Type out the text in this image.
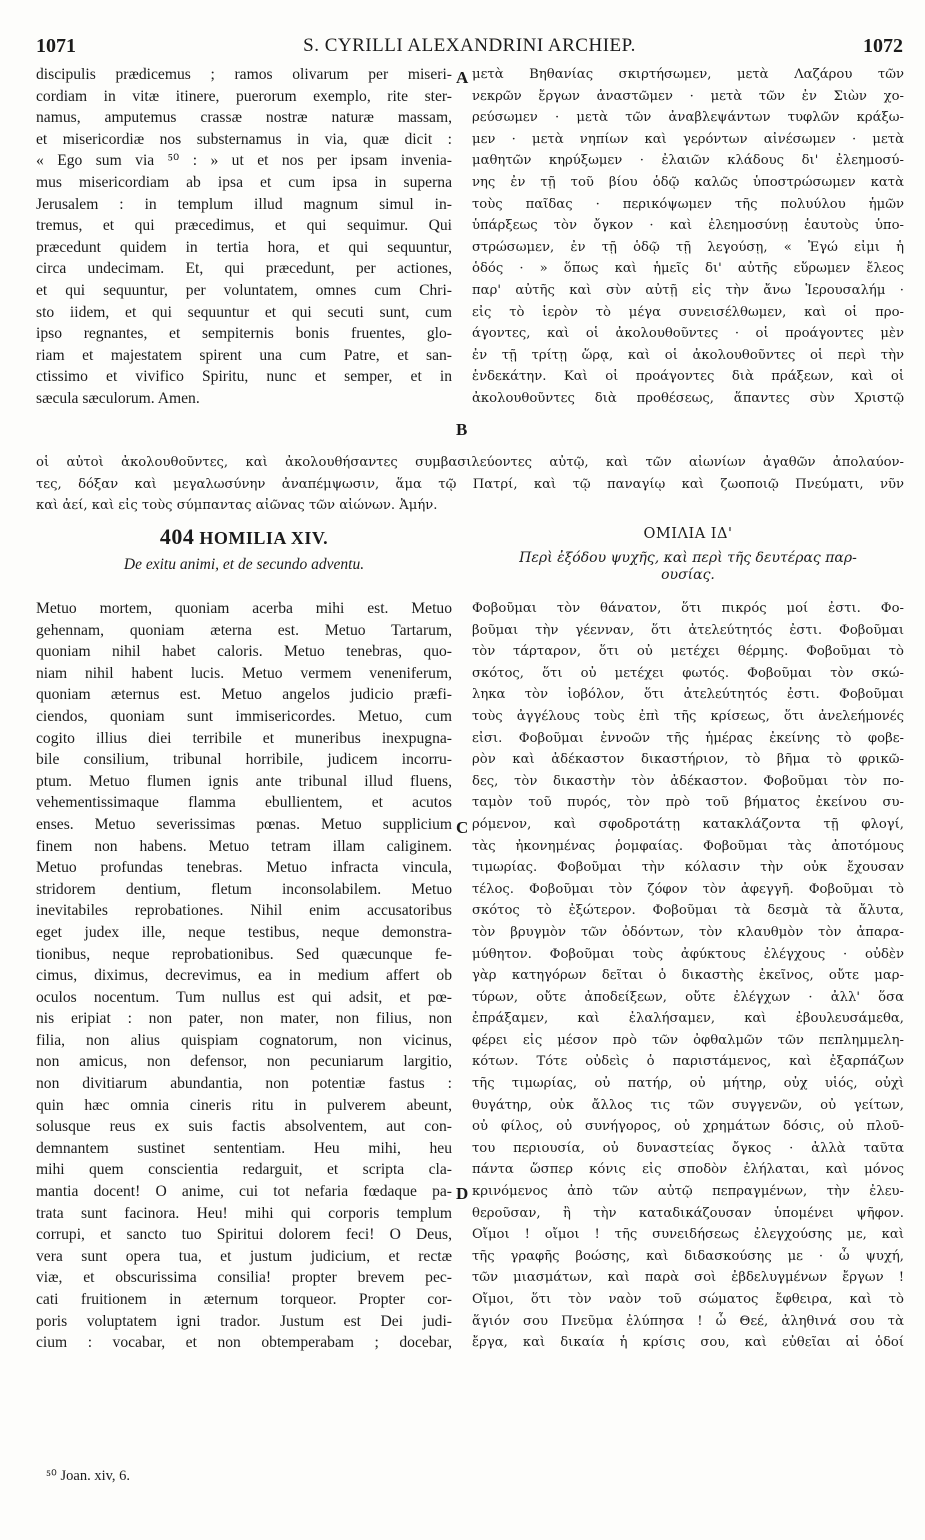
1071	S. CYRILLI ALEXANDRINI ARCHIEP.	1072

discipulis prædicemus ; ramos olivarum per miseri-

cordiam in vitæ itinere, puerorum exemplo, rite ster-

namus, amputemus crassæ nostræ naturæ massam,

et misericordiæ nos substernamus in via, quæ dicit :

« Ego sum via ⁵⁰ : » ut et nos per ipsam invenia-

mus misericordiam ab ipsa et cum ipsa in superna

Jerusalem : in templum illud magnum simul in-

tremus, et qui præcedimus, et qui sequimur. Qui

præcedunt quidem in tertia hora, et qui sequuntur,

circa undecimam. Et, qui præcedunt, per actiones,

et qui sequuntur, per voluntatem, omnes cum Chri-

sto iidem, et qui sequuntur et qui secuti sunt, cum

ipso regnantes, et sempiternis bonis fruentes, glo-

riam et majestatem spirent una cum Patre, et san-

ctissimo et vivifico Spiritu, nunc et semper, et in

sæcula sæculorum. Amen.

μετὰ Βηθανίας σκιρτήσωμεν, μετὰ Λαζάρου τῶν

νεκρῶν ἔργων ἀναστῶμεν · μετὰ τῶν ἐν Σιὼν χο-

ρεύσωμεν · μετὰ τῶν ἀναβλεψάντων τυφλῶν κράξω-

μεν · μετὰ νηπίων καὶ γερόντων αἰνέσωμεν · μετὰ

μαθητῶν κηρύξωμεν · ἐλαιῶν κλάδους δι' ἐλεημοσύ-

νης ἐν τῇ τοῦ βίου ὁδῷ καλῶς ὑποστρώσωμεν κατὰ

τοὺς παῖδας · περικόψωμεν τῆς πολυύλου ἡμῶν

ὑπάρξεως τὸν ὄγκον · καὶ ἐλεημοσύνῃ ἑαυτοὺς ὑπο-

στρώσωμεν, ἐν τῇ ὁδῷ τῇ λεγούσῃ, « Ἐγώ εἰμι ἡ

ὁδός · » ὅπως καὶ ἡμεῖς δι' αὐτῆς εὕρωμεν ἔλεος

παρ' αὐτῆς καὶ σὺν αὐτῇ εἰς τὴν ἄνω Ἱερουσαλήμ ·

εἰς τὸ ἱερὸν τὸ μέγα συνεισέλθωμεν, καὶ οἱ προ-

άγοντες, καὶ οἱ ἀκολουθοῦντες · οἱ προάγοντες μὲν

ἐν τῇ τρίτῃ ὥρᾳ, καὶ οἱ ἀκολουθοῦντες οἱ περὶ τὴν

ἑνδεκάτην. Καὶ οἱ προάγοντες διὰ πράξεων, καὶ οἱ

ἀκολουθοῦντες διὰ προθέσεως, ἅπαντες σὺν Χριστῷ

A
B
C
D

οἱ αὐτοὶ ἀκολουθοῦντες, καὶ ἀκολουθήσαντες συμβασιλεύοντες αὐτῷ, καὶ τῶν αἰωνίων ἀγαθῶν ἀπολαύον-

τες, δόξαν καὶ μεγαλωσύνην ἀναπέμψωσιν, ἅμα τῷ Πατρί, καὶ τῷ παναγίῳ καὶ ζωοποιῷ Πνεύματι, νῦν

καὶ ἀεί, καὶ εἰς τοὺς σύμπαντας αἰῶνας τῶν αἰώνων. Ἀμήν.

404 HOMILIA XIV.
De exitu animi, et de secundo adventu.
ΟΜΙΛΙΑ ΙΔ'
Περὶ ἐξόδου ψυχῆς, καὶ περὶ τῆς δευτέρας παρ-
ουσίας.

Metuo mortem, quoniam acerba mihi est. Metuo

gehennam, quoniam æterna est. Metuo Tartarum,

quoniam nihil habet caloris. Metuo tenebras, quo-

niam nihil habent lucis. Metuo vermem veneniferum,

quoniam æternus est. Metuo angelos judicio præfi-

ciendos, quoniam sunt immisericordes. Metuo, cum

cogito illius diei terribile et muneribus inexpugna-

bile consilium, tribunal horribile, judicem incorru-

ptum. Metuo flumen ignis ante tribunal illud fluens,

vehementissimaque flamma ebullientem, et acutos

enses. Metuo severissimas pœnas. Metuo supplicium

finem non habens. Metuo tetram illam caliginem.

Metuo profundas tenebras. Metuo infracta vincula,

stridorem dentium, fletum inconsolabilem. Metuo

inevitabiles reprobationes. Nihil enim accusatoribus

eget judex ille, neque testibus, neque demonstra-

tionibus, neque reprobationibus. Sed quæcunque fe-

cimus, diximus, decrevimus, ea in medium affert ob

oculos nocentum. Tum nullus est qui adsit, et pœ-

nis eripiat : non pater, non mater, non filius, non

filia, non alius quispiam cognatorum, non vicinus,

non amicus, non defensor, non pecuniarum largitio,

non divitiarum abundantia, non potentiæ fastus :

quin hæc omnia cineris ritu in pulverem abeunt,

solusque reus ex suis factis absolventem, aut con-

demnantem sustinet sententiam. Heu mihi, heu

mihi quem conscientia redarguit, et scripta cla-

mantia docent! O anime, cui tot nefaria fœdaque pa-

trata sunt facinora. Heu! mihi qui corporis templum

corrupi, et sancto tuo Spiritui dolorem feci! O Deus,

vera sunt opera tua, et justum judicium, et rectæ

viæ, et obscurissima consilia! propter brevem pec-

cati fruitionem in æternum torqueor. Propter cor-

poris voluptatem igni trador. Justum est Dei judi-

cium : vocabar, et non obtemperabam ; docebar,

Φοβοῦμαι τὸν θάνατον, ὅτι πικρός μοί ἐστι. Φο-

βοῦμαι τὴν γέενναν, ὅτι ἀτελεύτητός ἐστι. Φοβοῦμαι

τὸν τάρταρον, ὅτι οὐ μετέχει θέρμης. Φοβοῦμαι τὸ

σκότος, ὅτι οὐ μετέχει φωτός. Φοβοῦμαι τὸν σκώ-

ληκα τὸν ἰοβόλον, ὅτι ἀτελεύτητός ἐστι. Φοβοῦμαι

τοὺς ἀγγέλους τοὺς ἐπὶ τῆς κρίσεως, ὅτι ἀνελεήμονές

εἰσι. Φοβοῦμαι ἐννοῶν τῆς ἡμέρας ἐκείνης τὸ φοβε-

ρὸν καὶ ἀδέκαστον δικαστήριον, τὸ βῆμα τὸ φρικῶ-

δες, τὸν δικαστὴν τὸν ἀδέκαστον. Φοβοῦμαι τὸν πο-

ταμὸν τοῦ πυρός, τὸν πρὸ τοῦ βήματος ἐκείνου συ-

ρόμενον, καὶ σφοδροτάτῃ κατακλάζοντα τῇ φλογί,

τὰς ἠκονημένας ῥομφαίας. Φοβοῦμαι τὰς ἀποτόμους

τιμωρίας. Φοβοῦμαι τὴν κόλασιν τὴν οὐκ ἔχουσαν

τέλος. Φοβοῦμαι τὸν ζόφον τὸν ἀφεγγῆ. Φοβοῦμαι τὸ

σκότος τὸ ἐξώτερον. Φοβοῦμαι τὰ δεσμὰ τὰ ἄλυτα,

τὸν βρυγμὸν τῶν ὀδόντων, τὸν κλαυθμὸν τὸν ἀπαρα-

μύθητον. Φοβοῦμαι τοὺς ἀφύκτους ἐλέγχους · οὐδὲν

γὰρ κατηγόρων δεῖται ὁ δικαστὴς ἐκεῖνος, οὔτε μαρ-

τύρων, οὔτε ἀποδείξεων, οὔτε ἐλέγχων · ἀλλ' ὅσα

ἐπράξαμεν, καὶ ἐλαλήσαμεν, καὶ ἐβουλευσάμεθα,

φέρει εἰς μέσον πρὸ τῶν ὀφθαλμῶν τῶν πεπλημμελη-

κότων. Τότε οὐδεὶς ὁ παριστάμενος, καὶ ἐξαρπάζων

τῆς τιμωρίας, οὐ πατήρ, οὐ μήτηρ, οὐχ υἱός, οὐχὶ

θυγάτηρ, οὐκ ἄλλος τις τῶν συγγενῶν, οὐ γείτων,

οὐ φίλος, οὐ συνήγορος, οὐ χρημάτων δόσις, οὐ πλοῦ-

του περιουσία, οὐ δυναστείας ὄγκος · ἀλλὰ ταῦτα

πάντα ὥσπερ κόνις εἰς σποδὸν ἐλήλαται, καὶ μόνος

κρινόμενος ἀπὸ τῶν αὐτῷ πεπραγμένων, τὴν ἐλευ-

θεροῦσαν, ἢ τὴν καταδικάζουσαν ὑπομένει ψῆφον.

Οἴμοι ! οἴμοι ! τῆς συνειδήσεως ἐλεγχούσης με, καὶ

τῆς γραφῆς βοώσης, καὶ διδασκούσης με · ὦ ψυχή,

τῶν μιασμάτων, καὶ παρὰ σοὶ ἐβδελυγμένων ἔργων !

Οἴμοι, ὅτι τὸν ναὸν τοῦ σώματος ἔφθειρα, καὶ τὸ

ἅγιόν σου Πνεῦμα ἐλύπησα ! ὦ Θεέ, ἀληθινά σου τὰ

ἔργα, καὶ δικαία ἡ κρίσις σου, καὶ εὐθεῖαι αἱ ὁδοί

⁵⁰ Joan. xiv, 6.
